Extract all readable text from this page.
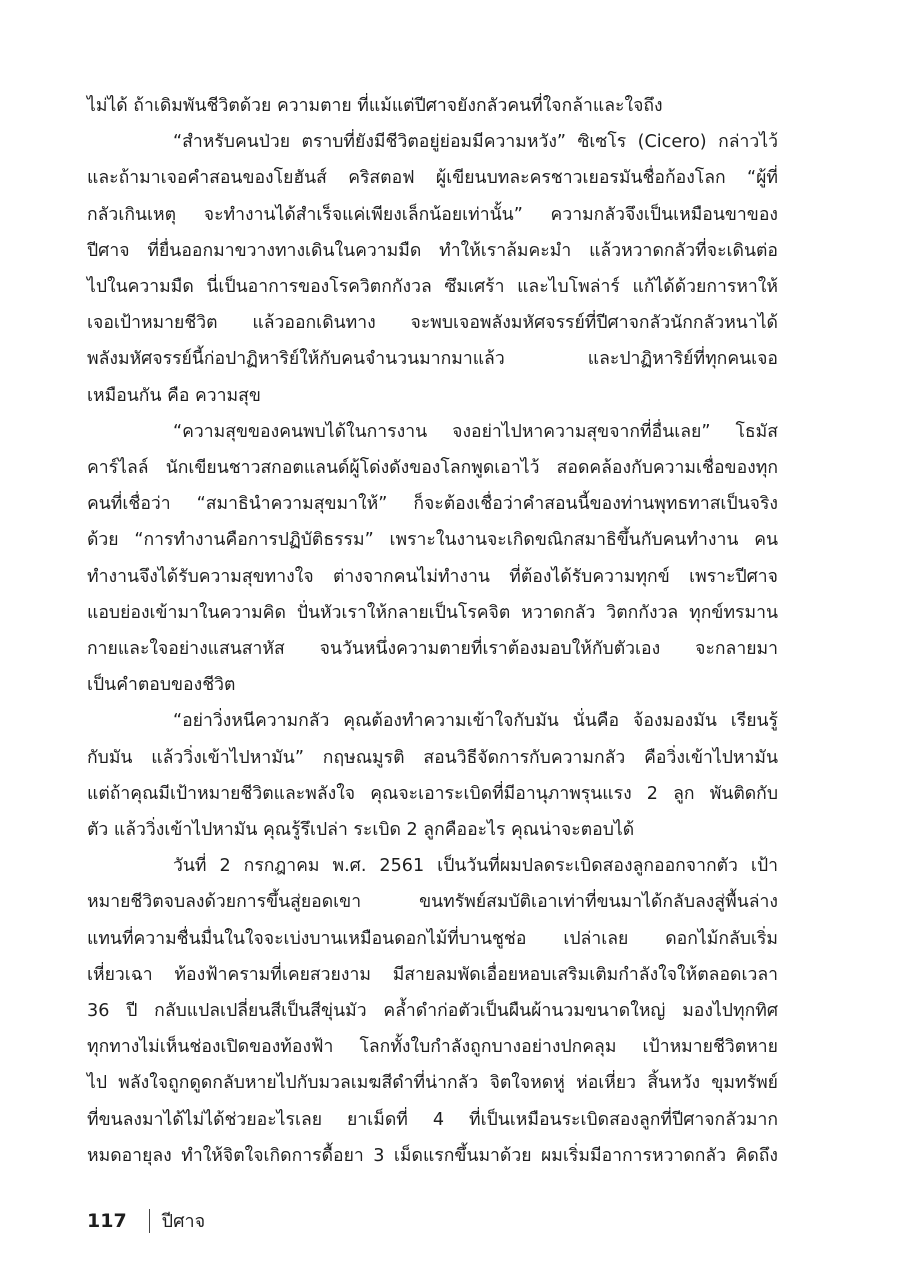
ไม่ได้ ถ้าเดิมพันชีวิตด้วย ความตาย ที่แม้แต่ปีศาจยังกลัวคนที่ใจกล้าและใจถึง
“สำหรับคนป่วย ตราบที่ยังมีชีวิตอยู่ย่อมมีความหวัง” ซิเซโร (Cicero) กล่าวไว้
และถ้ามาเจอคำสอนของโยฮันส์ คริสตอฟ ผู้เขียนบทละครชาวเยอรมันชื่อก้องโลก “ผู้ที่
กลัวเกินเหตุ จะทำงานได้สำเร็จแค่เพียงเล็กน้อยเท่านั้น” ความกลัวจึงเป็นเหมือนขาของ
ปีศาจ ที่ยื่นออกมาขวางทางเดินในความมืด ทำให้เราล้มคะมำ แล้วหวาดกลัวที่จะเดินต่อ
ไปในความมืด นี่เป็นอาการของโรควิตกกังวล ซึมเศร้า และไบโพล่าร์ แก้ได้ด้วยการหาให้
เจอเป้าหมายชีวิต แล้วออกเดินทาง จะพบเจอพลังมหัศจรรย์ที่ปีศาจกลัวนักกลัวหนาได้
พลังมหัศจรรย์นี้ก่อปาฏิหาริย์ให้กับคนจำนวนมากมาแล้ว และปาฏิหาริย์ที่ทุกคนเจอ
เหมือนกัน คือ ความสุข
“ความสุขของคนพบได้ในการงาน จงอย่าไปหาความสุขจากที่อื่นเลย” โธมัส
คาร์ไลล์ นักเขียนชาวสกอตแลนด์ผู้โด่งดังของโลกพูดเอาไว้ สอดคล้องกับความเชื่อของทุก
คนที่เชื่อว่า “สมาธินำความสุขมาให้” ก็จะต้องเชื่อว่าคำสอนนี้ของท่านพุทธทาสเป็นจริง
ด้วย “การทำงานคือการปฏิบัติธรรม” เพราะในงานจะเกิดขณิกสมาธิขึ้นกับคนทำงาน คน
ทำงานจึงได้รับความสุขทางใจ ต่างจากคนไม่ทำงาน ที่ต้องได้รับความทุกข์ เพราะปีศาจ
แอบย่องเข้ามาในความคิด ปั่นหัวเราให้กลายเป็นโรคจิต หวาดกลัว วิตกกังวล ทุกข์ทรมาน
กายและใจอย่างแสนสาหัส จนวันหนึ่งความตายที่เราต้องมอบให้กับตัวเอง จะกลายมา
เป็นคำตอบของชีวิต
“อย่าวิ่งหนีความกลัว คุณต้องทำความเข้าใจกับมัน นั่นคือ จ้องมองมัน เรียนรู้
กับมัน แล้ววิ่งเข้าไปหามัน” กฤษณมูรติ สอนวิธีจัดการกับความกลัว คือวิ่งเข้าไปหามัน
แต่ถ้าคุณมีเป้าหมายชีวิตและพลังใจ คุณจะเอาระเบิดที่มีอานุภาพรุนแรง 2 ลูก พันติดกับ
ตัว แล้ววิ่งเข้าไปหามัน คุณรู้รึเปล่า ระเบิด 2 ลูกคืออะไร คุณน่าจะตอบได้
วันที่ 2 กรกฎาคม พ.ศ. 2561 เป็นวันที่ผมปลดระเบิดสองลูกออกจากตัว เป้า
หมายชีวิตจบลงด้วยการขึ้นสู่ยอดเขา ขนทรัพย์สมบัติเอาเท่าที่ขนมาได้กลับลงสู่พื้นล่าง
แทนที่ความชื่นมื่นในใจจะเบ่งบานเหมือนดอกไม้ที่บานชูช่อ เปล่าเลย ดอกไม้กลับเริ่ม
เหี่ยวเฉา ท้องฟ้าครามที่เคยสวยงาม มีสายลมพัดเอื่อยหอบเสริมเติมกำลังใจให้ตลอดเวลา
36 ปี กลับแปลเปลี่ยนสีเป็นสีขุ่นมัว คล้ำดำก่อตัวเป็นผืนผ้านวมขนาดใหญ่ มองไปทุกทิศ
ทุกทางไม่เห็นช่องเปิดของท้องฟ้า โลกทั้งใบกำลังถูกบางอย่างปกคลุม เป้าหมายชีวิตหาย
ไป พลังใจถูกดูดกลับหายไปกับมวลเมฆสีดำที่น่ากลัว จิตใจหดหู่ ห่อเหี่ยว สิ้นหวัง ขุมทรัพย์
ที่ขนลงมาได้ไม่ได้ช่วยอะไรเลย ยาเม็ดที่ 4 ที่เป็นเหมือนระเบิดสองลูกที่ปีศาจกลัวมาก
หมดอายุลง ทำให้จิตใจเกิดการดื้อยา 3 เม็ดแรกขึ้นมาด้วย ผมเริ่มมีอาการหวาดกลัว คิดถึง
117 ปีศาจ
